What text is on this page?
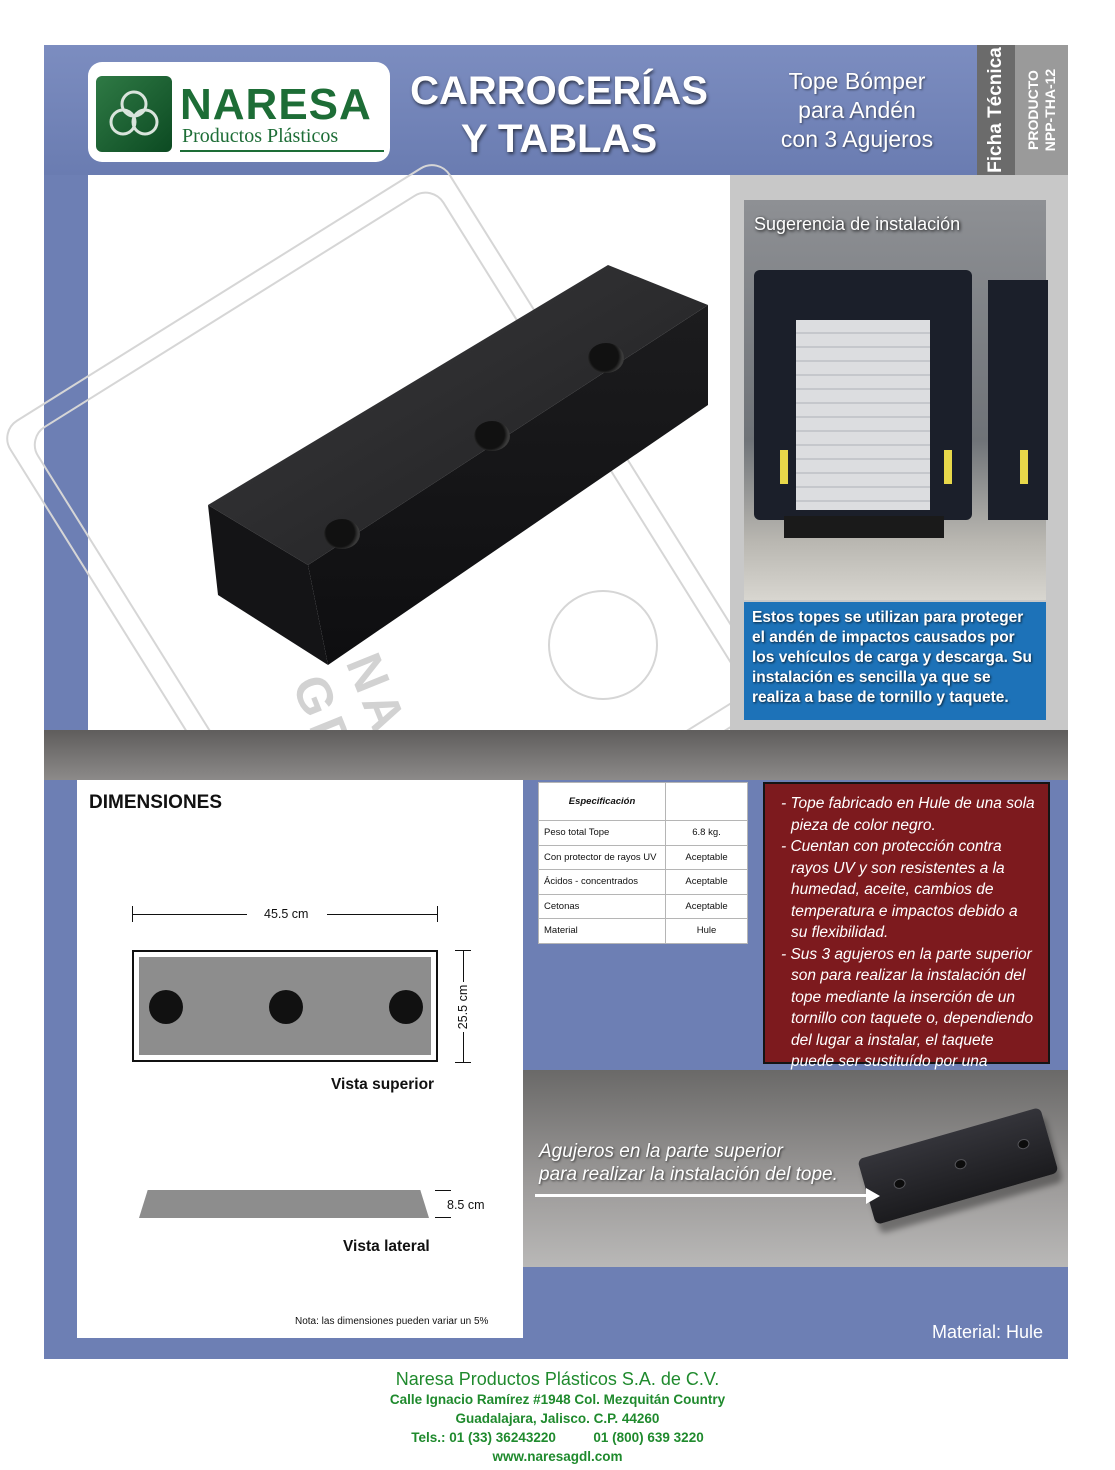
NARESA
Productos Plásticos
CARROCERÍAS
Y TABLAS
Tope Bómper
para Andén
con 3 Agujeros	Ficha Técnica PRODUCTO NPP-THA-12
Sugerencia de instalación
Estos topes se utilizan para proteger el andén de impactos causados por los vehículos de carga y descarga. Su instalación es sencilla ya que se realiza a base de tornillo y taquete.
DIMENSIONES
45.5 cm
25.5 cm
Vista superior
8.5 cm
Vista lateral
Nota: las dimensiones pueden variar un 5%
Especificación	
Peso total Tope	6.8 kg.
Con protector de rayos UV	Aceptable
Ácidos - concentrados	Aceptable
Cetonas	Aceptable
Material	Hule
- Tope fabricado en Hule de una sola pieza de color negro.
- Cuentan con protección contra rayos UV y son resistentes a la humedad, aceite, cambios de temperatura e impactos debido a su flexibilidad.
- Sus 3 agujeros en la parte superior son para realizar la instalación del tope mediante la inserción de un tornillo con taquete o, dependiendo del lugar a instalar, el taquete puede ser sustituído por una
Agujeros en la parte superior
para realizar la instalación del tope.
Material: Hule
Naresa Productos Plásticos S.A. de C.V.
Calle Ignacio Ramírez #1948 Col. Mezquitán Country
Guadalajara, Jalisco. C.P. 44260
Tels.: 01 (33) 36243220          01 (800) 639 3220
www.naresagdl.com
